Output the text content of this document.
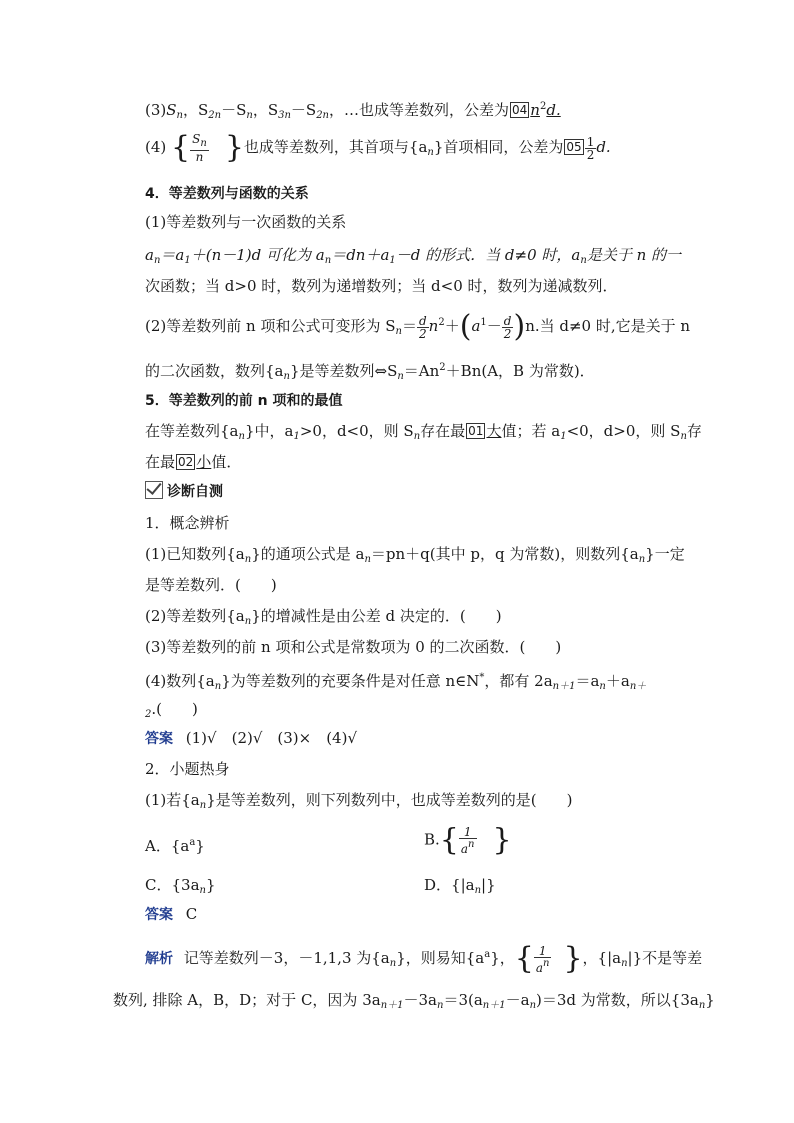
$(3)S_n$，$S_{2n}-S_n$，$S_{3n}-S_{2n}$，…也成等差数列，公差为 04 $n^2d$.
(4) { $\frac{S_n}{n}$ }也成等差数列，其首项与$\{a_n\}$首项相同，公差为 $05 \frac{1}{2} d$.
4．等差数列与函数的关系
(1)等差数列与一次函数的关系
$a_n=a_1+(n-1)d$ 可化为 $a_n=dn+a_1-d$ 的形式．当 d≠0 时，$a_n$是关于 n 的一
次函数；当 d>0 时，数列为递增数列；当 d<0 时，数列为递减数列．
(2)等差数列前 n 项和公式可变形为 $S_n= \frac{d}{2} n^2+(a^1- \frac{d}{2} )n$.当 d≠0 时,它是关于 n
的二次函数，数列$\{a_n\}$是等差数列$\Leftrightarrow S_n=An^2+Bn(A$，B 为常数)．
5．等差数列的前 n 项和的最值
在等差数列$\{a_n\}$中，$a_1>0$，d<0，则 $S_n$存在最 01 大值；若 $a_1<0$，d>0，则 $S_n$存
在最 02 小值．
诊断自测
1．概念辨析
(1)已知数列$\{a_n\}$的通项公式是 $a_n=pn+q$(其中 p，q 为常数)，则数列$\{a_n\}$一定
是等差数列．(　　)
(2)等差数列$\{a_n\}$的增减性是由公差 d 决定的．(　　)
(3)等差数列的前 n 项和公式是常数项为 0 的二次函数．(　　)
(4)数列$\{a_n\}$为等差数列的充要条件是对任意 n∈N*，都有 $2a_{n+1}=a_n+a_{n+}$
$_2$.(　　)
答案 (1)√　(2)√　(3)×　(4)√
2．小题热身
(1)若$\{a_n\}$是等差数列，则下列数列中，也成等差数列的是(　　)
A．$\{a^a\}$	$B.\{ \frac{1}{a^n}$ }
C．$\{3a_n\}$	D．$\{|a_n|\}$
答案 C
解析 记等差数列－3，－1,1,3 为$\{a_n\}$，则易知$\{a^a\}$，{ $\frac{1}{a^n}$ }，$\{|a_n|\}$不是等差
数列, 排除 A，B，D；对于 C，因为 $3a_{n+1}-3a_n=3(a_{n+1}-a_n)=3d$ 为常数，所以$\{3a_n\}$
